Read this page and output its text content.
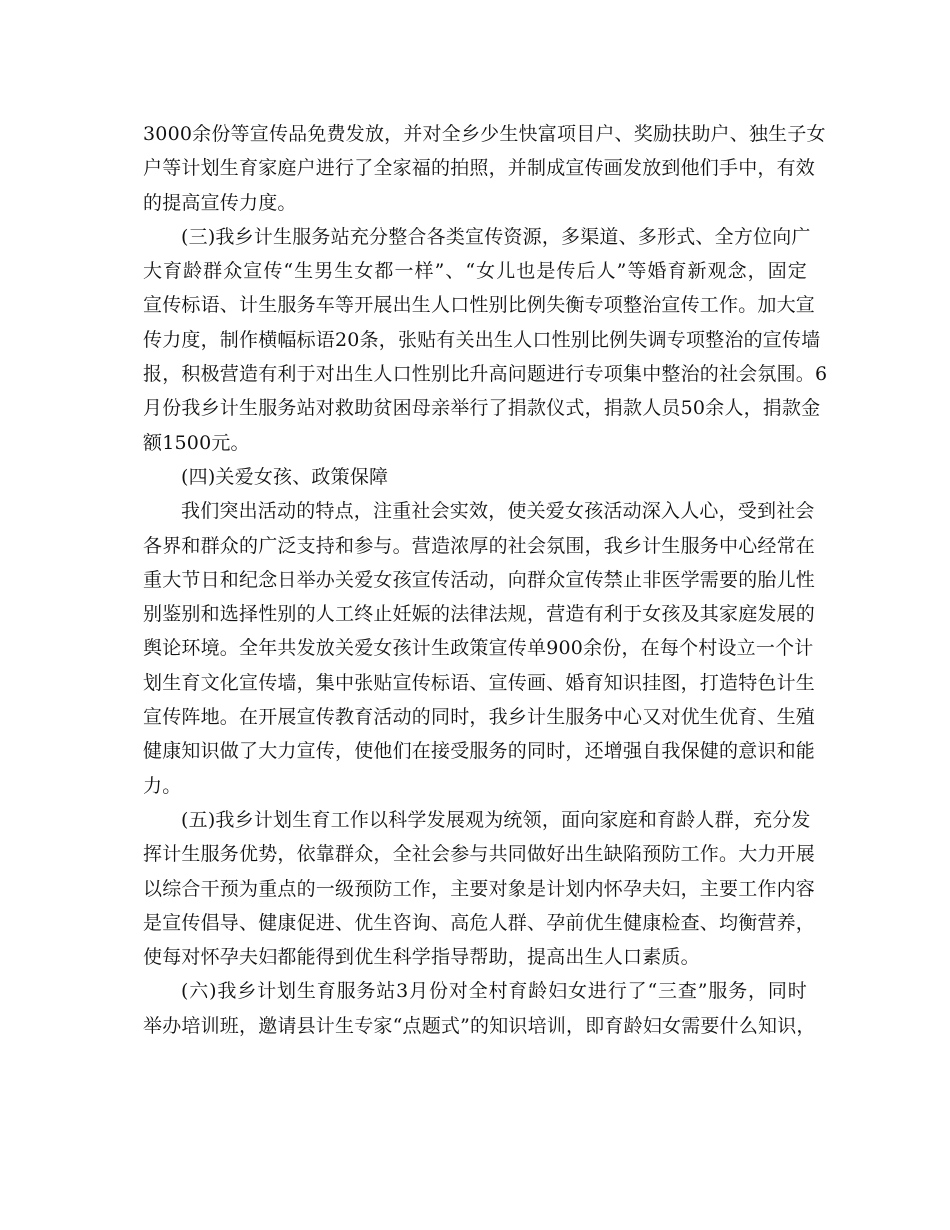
3000余份等宣传品免费发放，并对全乡少生快富项目户、奖励扶助户、独生子女
户等计划生育家庭户进行了全家福的拍照，并制成宣传画发放到他们手中，有效
的提高宣传力度。
(三)我乡计生服务站充分整合各类宣传资源，多渠道、多形式、全方位向广
大育龄群众宣传“生男生女都一样”、“女儿也是传后人”等婚育新观念，固定
宣传标语、计生服务车等开展出生人口性别比例失衡专项整治宣传工作。加大宣
传力度，制作横幅标语20条，张贴有关出生人口性别比例失调专项整治的宣传墙
报，积极营造有利于对出生人口性别比升高问题进行专项集中整治的社会氛围。6
月份我乡计生服务站对救助贫困母亲举行了捐款仪式，捐款人员50余人，捐款金
额1500元。
(四)关爱女孩、政策保障
我们突出活动的特点，注重社会实效，使关爱女孩活动深入人心，受到社会
各界和群众的广泛支持和参与。营造浓厚的社会氛围，我乡计生服务中心经常在
重大节日和纪念日举办关爱女孩宣传活动，向群众宣传禁止非医学需要的胎儿性
别鉴别和选择性别的人工终止妊娠的法律法规，营造有利于女孩及其家庭发展的
舆论环境。全年共发放关爱女孩计生政策宣传单900余份，在每个村设立一个计
划生育文化宣传墙，集中张贴宣传标语、宣传画、婚育知识挂图，打造特色计生
宣传阵地。在开展宣传教育活动的同时，我乡计生服务中心又对优生优育、生殖
健康知识做了大力宣传，使他们在接受服务的同时，还增强自我保健的意识和能
力。
(五)我乡计划生育工作以科学发展观为统领，面向家庭和育龄人群，充分发
挥计生服务优势，依靠群众，全社会参与共同做好出生缺陷预防工作。大力开展
以综合干预为重点的一级预防工作，主要对象是计划内怀孕夫妇，主要工作内容
是宣传倡导、健康促进、优生咨询、高危人群、孕前优生健康检查、均衡营养，
使每对怀孕夫妇都能得到优生科学指导帮助，提高出生人口素质。
(六)我乡计划生育服务站3月份对全村育龄妇女进行了“三查”服务，同时
举办培训班，邀请县计生专家“点题式”的知识培训，即育龄妇女需要什么知识，
